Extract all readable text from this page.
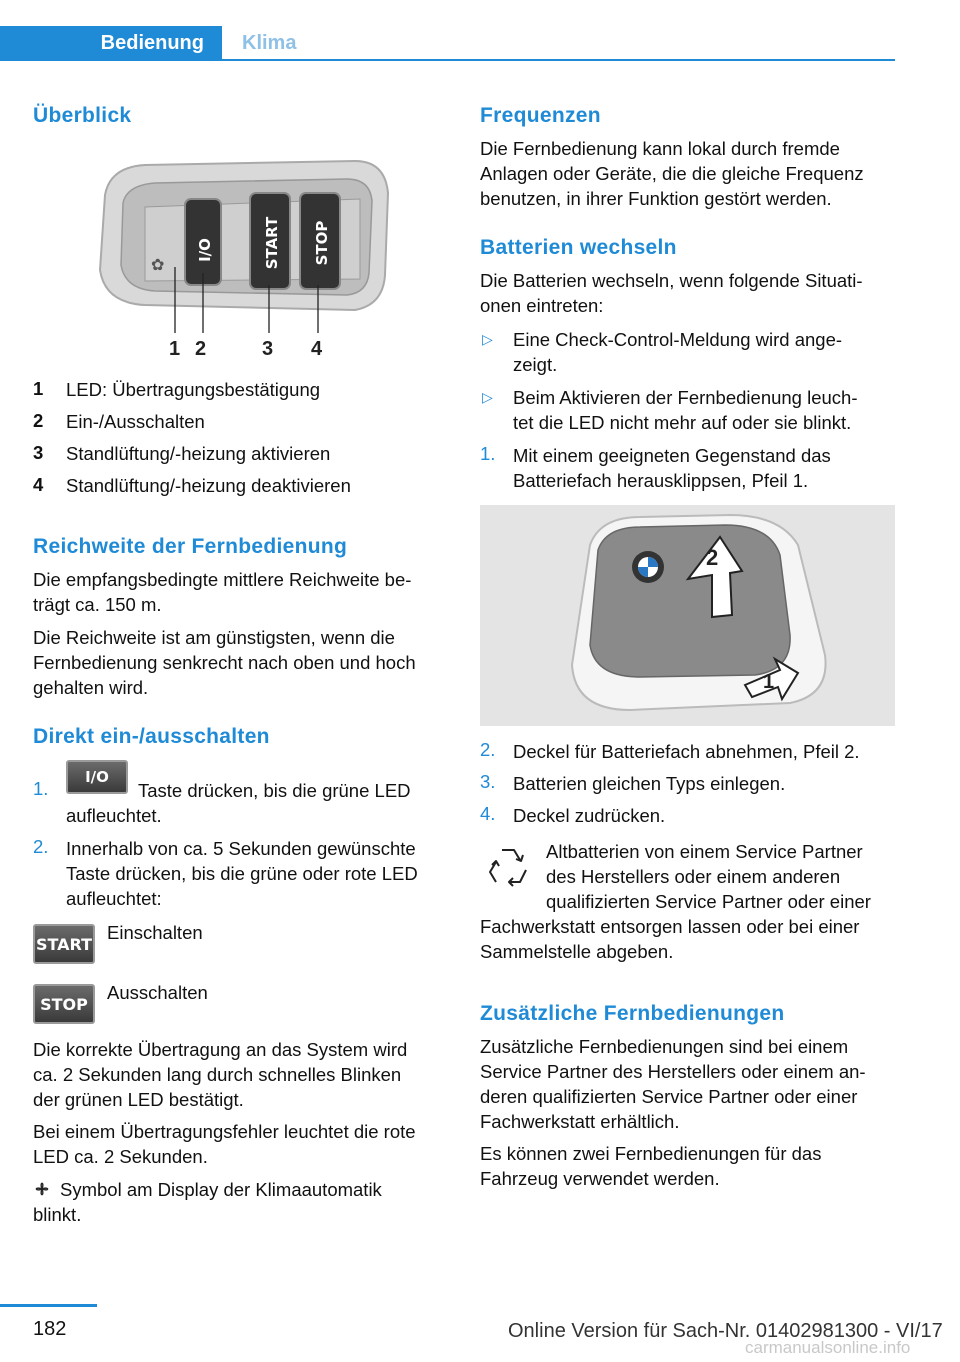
Bedienung	Klima
Überblick
✿
I/O	START STOP
1 2	3 4
1 LED: Übertragungsbestätigung
2 Ein-/Ausschalten
3 Standlüftung/-heizung aktivieren
4 Standlüftung/-heizung deaktivieren
Reichweite der Fernbedienung
Die empfangsbedingte mittlere Reichweite be‐
trägt ca. 150 m.
Die Reichweite ist am günstigsten, wenn die
Fernbedienung senkrecht nach oben und hoch
gehalten wird.
Direkt ein-/ausschalten
1.
I/O
Taste drücken, bis die grüne LED
aufleuchtet.
2. Innerhalb von ca. 5 Sekunden gewünschte
Taste drücken, bis die grüne oder rote LED
aufleuchtet:
START
Einschalten
STOP
Ausschalten
Die korrekte Übertragung an das System wird
ca. 2 Sekunden lang durch schnelles Blinken
der grünen LED bestätigt.
Bei einem Übertragungsfehler leuchtet die rote
LED ca. 2 Sekunden.
Symbol am Display der Klimaautomatik
blinkt.
Frequenzen
Die Fernbedienung kann lokal durch fremde
Anlagen oder Geräte, die die gleiche Frequenz
benutzen, in ihrer Funktion gestört werden.
Batterien wechseln
Die Batterien wechseln, wenn folgende Situati‐
onen eintreten:
▷ Eine Check-Control-Meldung wird ange‐
zeigt.
▷ Beim Aktivieren der Fernbedienung leuch‐
tet die LED nicht mehr auf oder sie blinkt.
1. Mit einem geeigneten Gegenstand das
Batteriefach herausklippsen, Pfeil 1.
2
1
2. Deckel für Batteriefach abnehmen, Pfeil 2.
3. Batterien gleichen Typs einlegen.
4. Deckel zudrücken.
Altbatterien von einem Service Partner
des Herstellers oder einem anderen
qualifizierten Service Partner oder einer
Fachwerkstatt entsorgen lassen oder bei einer
Sammelstelle abgeben.
Zusätzliche Fernbedienungen
Zusätzliche Fernbedienungen sind bei einem
Service Partner des Herstellers oder einem an‐
deren qualifizierten Service Partner oder einer
Fachwerkstatt erhältlich.
Es können zwei Fernbedienungen für das
Fahrzeug verwendet werden.
182	Online Version für Sach-Nr. 01402981300 - VI/17
carmanualsonline.info
